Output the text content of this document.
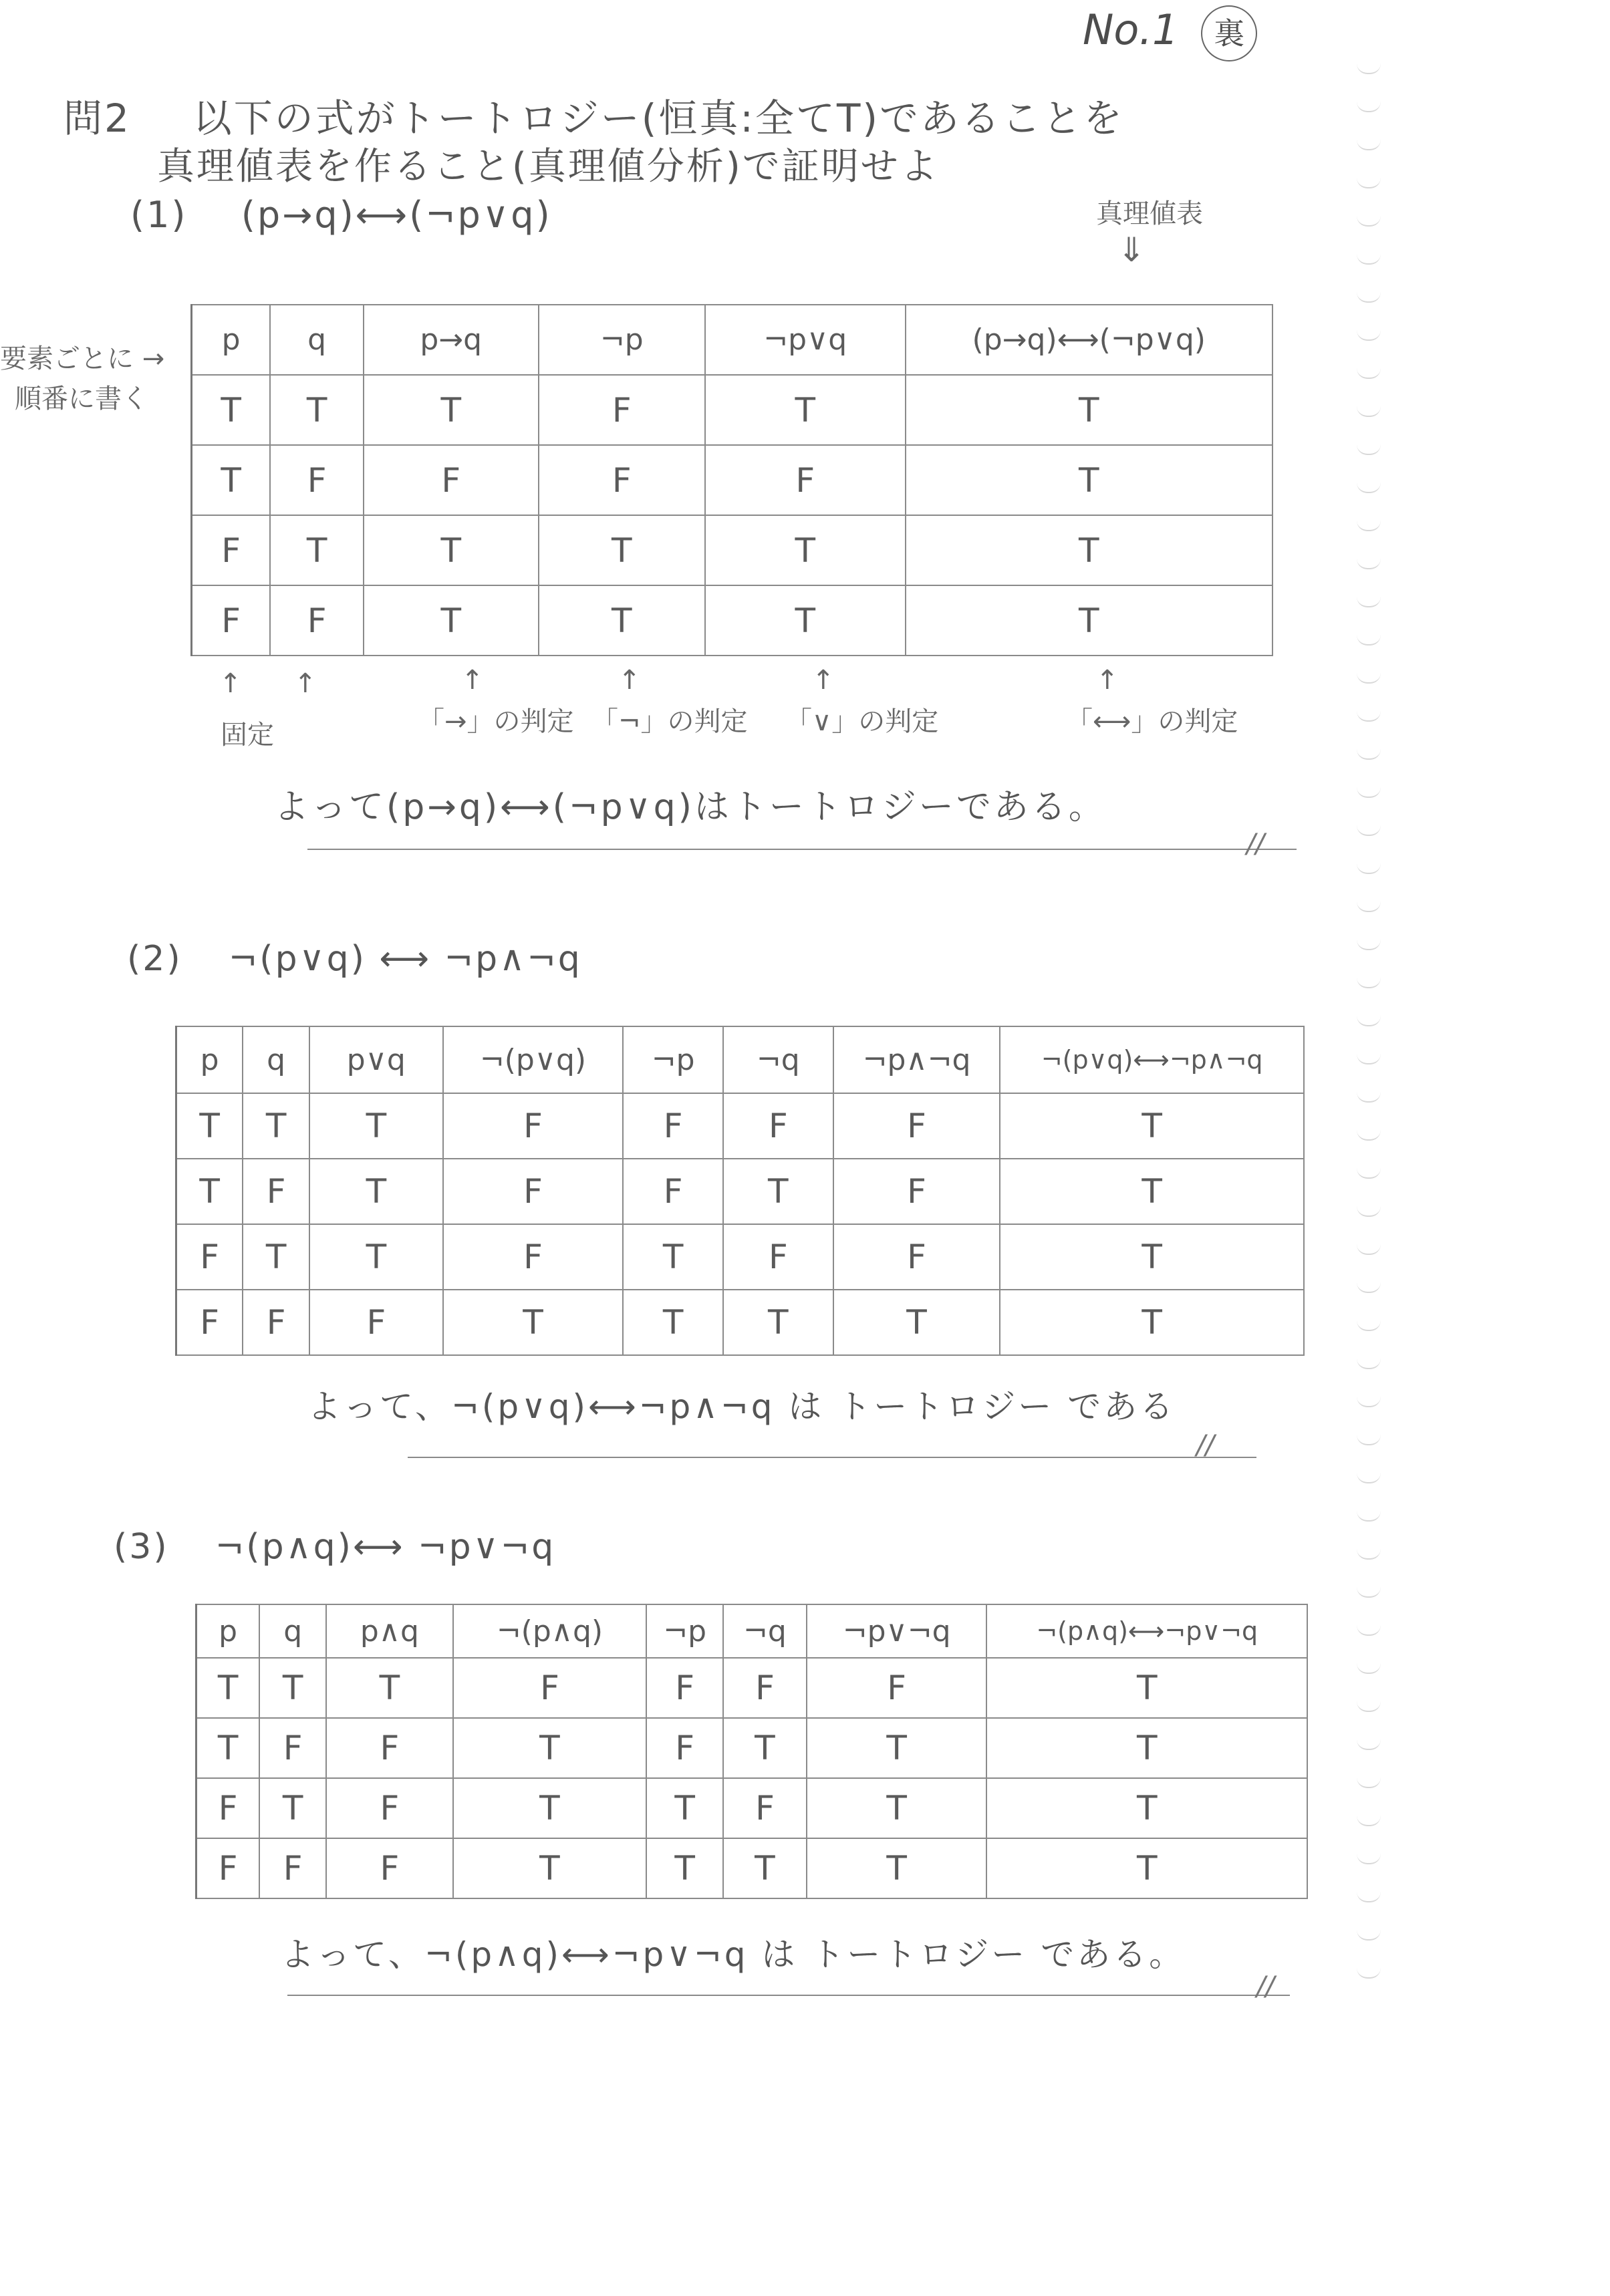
No.1 裏
問2 以下の式がトートロジー(恒真:全てT)であることを
真理値表を作ること(真理値分析)で証明せよ
(1) (p→q)⟷(¬p∨q)	真理値表
⇓
要素ごとに →
順番に書く
p	q	p→q	¬p	¬p∨q	(p→q)⟷(¬p∨q)
T	T	T	F	T	T
T	F	F	F	F	T
F	T	T	T	T	T
F	F	T	T	T	T
↑ ↑
固定
↑
「→」の判定
↑
「¬」の判定
↑
「∨」の判定
↑
「⟷」の判定
よって(p→q)⟷(¬p∨q)はトートロジーである。
//
(2) ¬(p∨q) ⟷ ¬p∧¬q
p	q	p∨q	¬(p∨q)	¬p	¬q	¬p∧¬q	¬(p∨q)⟷¬p∧¬q
T	T	T	F	F	F	F	T
T	F	T	F	F	T	F	T
F	T	T	F	T	F	F	T
F	F	F	T	T	T	T	T
よって、¬(p∨q)⟷¬p∧¬q は トートロジー である
//
(3) ¬(p∧q)⟷ ¬p∨¬q
p	q	p∧q	¬(p∧q)	¬p	¬q	¬p∨¬q	¬(p∧q)⟷¬p∨¬q
T	T	T	F	F	F	F	T
T	F	F	T	F	T	T	T
F	T	F	T	T	F	T	T
F	F	F	T	T	T	T	T
よって、¬(p∧q)⟷¬p∨¬q は トートロジー である。
//
